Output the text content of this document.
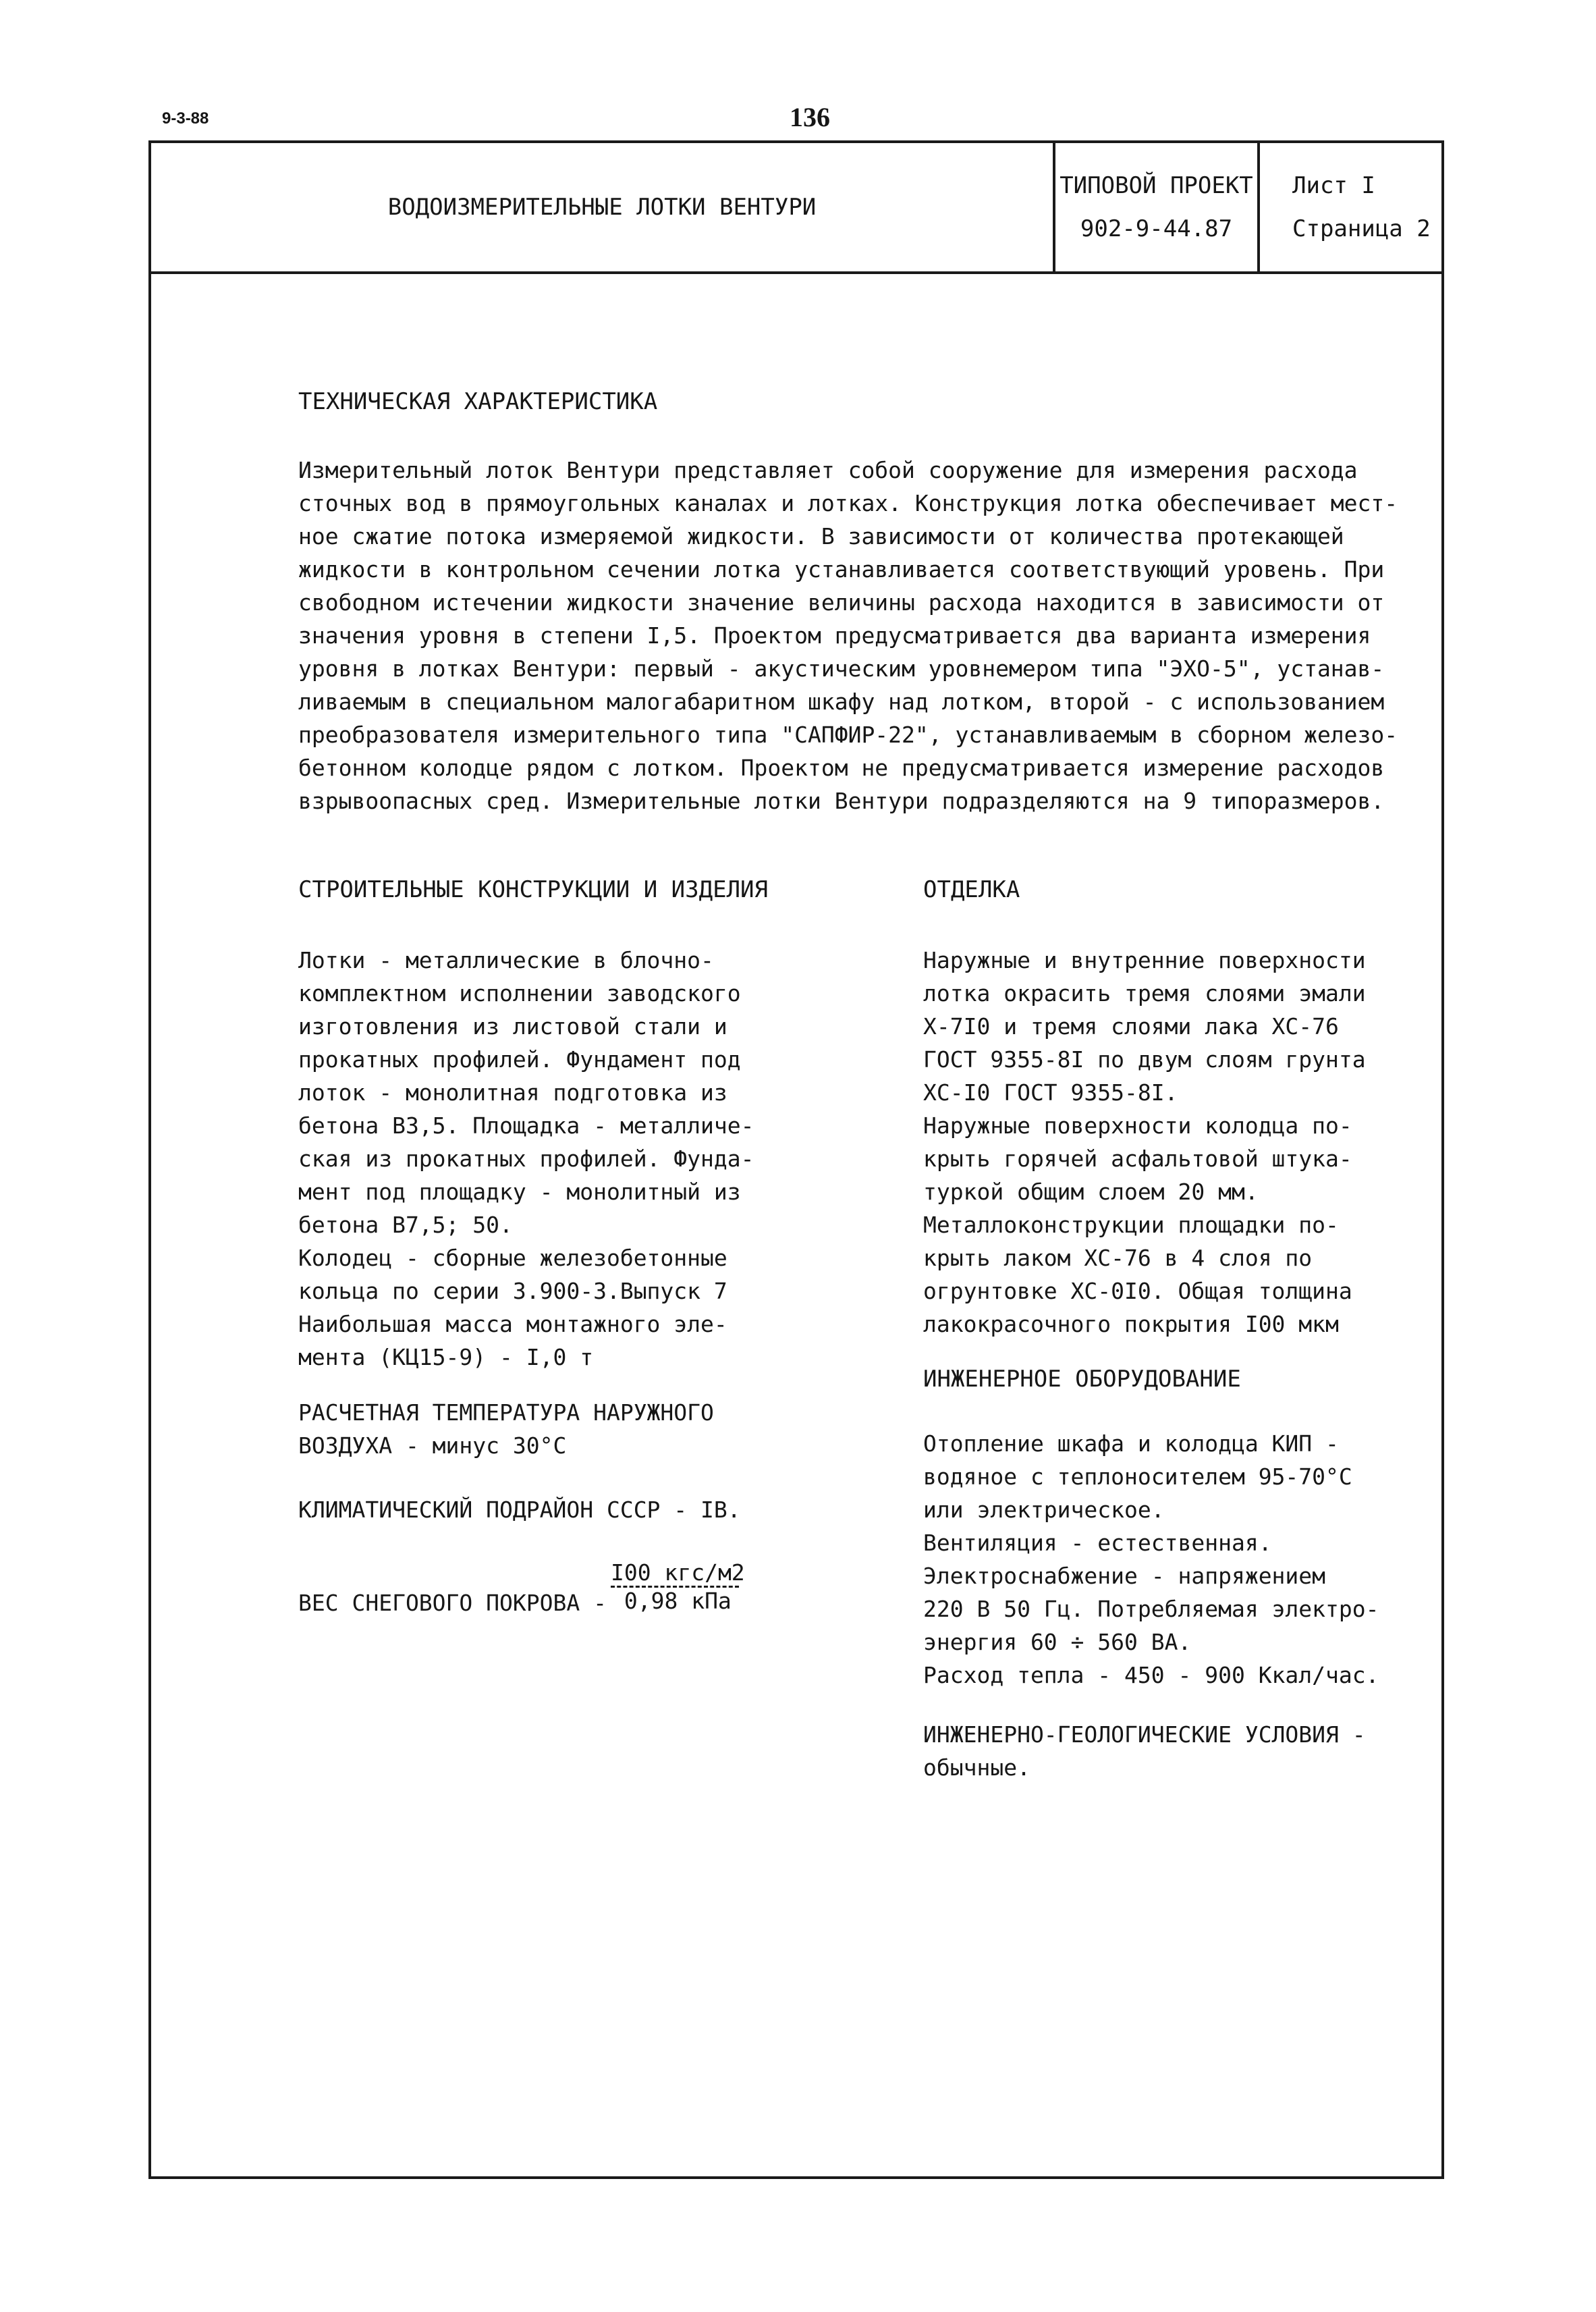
9-3-88	136
ВОДОИЗМЕРИТЕЛЬНЫЕ ЛОТКИ ВЕНТУРИ
ТИПОВОЙ ПРОЕКТ
902-9-44.87
Лист I
Страница 2
ТЕХНИЧЕСКАЯ ХАРАКТЕРИСТИКА
Измерительный лоток Вентури представляет собой сооружение для измерения расхода
сточных вод в прямоугольных каналах и лотках. Конструкция лотка обеспечивает мест-
ное сжатие потока измеряемой жидкости. В зависимости от количества протекающей
жидкости в контрольном сечении лотка устанавливается соответствующий уровень. При
свободном истечении жидкости значение величины расхода находится в зависимости от
значения уровня в степени I,5. Проектом предусматривается два варианта измерения
уровня в лотках Вентури: первый - акустическим уровнемером типа "ЭХО-5", устанав-
ливаемым в специальном малогабаритном шкафу над лотком, второй - с использованием
преобразователя измерительного типа "САПФИР-22", устанавливаемым в сборном железо-
бетонном колодце рядом с лотком. Проектом не предусматривается измерение расходов
взрывоопасных сред. Измерительные лотки Вентури подразделяются на 9 типоразмеров.
СТРОИТЕЛЬНЫЕ КОНСТРУКЦИИ И ИЗДЕЛИЯ
Лотки - металлические в блочно-
комплектном исполнении заводского
изготовления из листовой стали и
прокатных профилей. Фундамент под
лоток - монолитная подготовка из
бетона В3,5. Площадка - металличе-
ская из прокатных профилей. Фунда-
мент под площадку - монолитный из
бетона В7,5; 50.
Колодец - сборные железобетонные
кольца по серии 3.900-3.Выпуск 7
Наибольшая масса монтажного эле-
мента (КЦ15-9) - I,0 т
РАСЧЕТНАЯ ТЕМПЕРАТУРА НАРУЖНОГО
ВОЗДУХА - минус 30°С
КЛИМАТИЧЕСКИЙ ПОДРАЙОН СССР - IВ.
ВЕС СНЕГОВОГО ПОКРОВА -
I00 кгс/м2
0,98 кПа
ОТДЕЛКА
Наружные и внутренние поверхности
лотка окрасить тремя слоями эмали
Х-7I0 и тремя слоями лака ХС-76
ГОСТ 9355-8I по двум слоям грунта
ХС-I0 ГОСТ 9355-8I.
Наружные поверхности колодца по-
крыть горячей асфальтовой штука-
туркой общим слоем 20 мм.
Металлоконструкции площадки по-
крыть лаком ХС-76 в 4 слоя по
огрунтовке ХС-0I0. Общая толщина
лакокрасочного покрытия I00 мкм
ИНЖЕНЕРНОЕ ОБОРУДОВАНИЕ
Отопление шкафа и колодца КИП -
водяное с теплоносителем 95-70°С
или электрическое.
Вентиляция - естественная.
Электроснабжение - напряжением
220 В 50 Гц. Потребляемая электро-
энергия 60 ÷ 560 ВА.
Расход тепла - 450 - 900 Ккал/час.
ИНЖЕНЕРНО-ГЕОЛОГИЧЕСКИЕ УСЛОВИЯ -
обычные.
